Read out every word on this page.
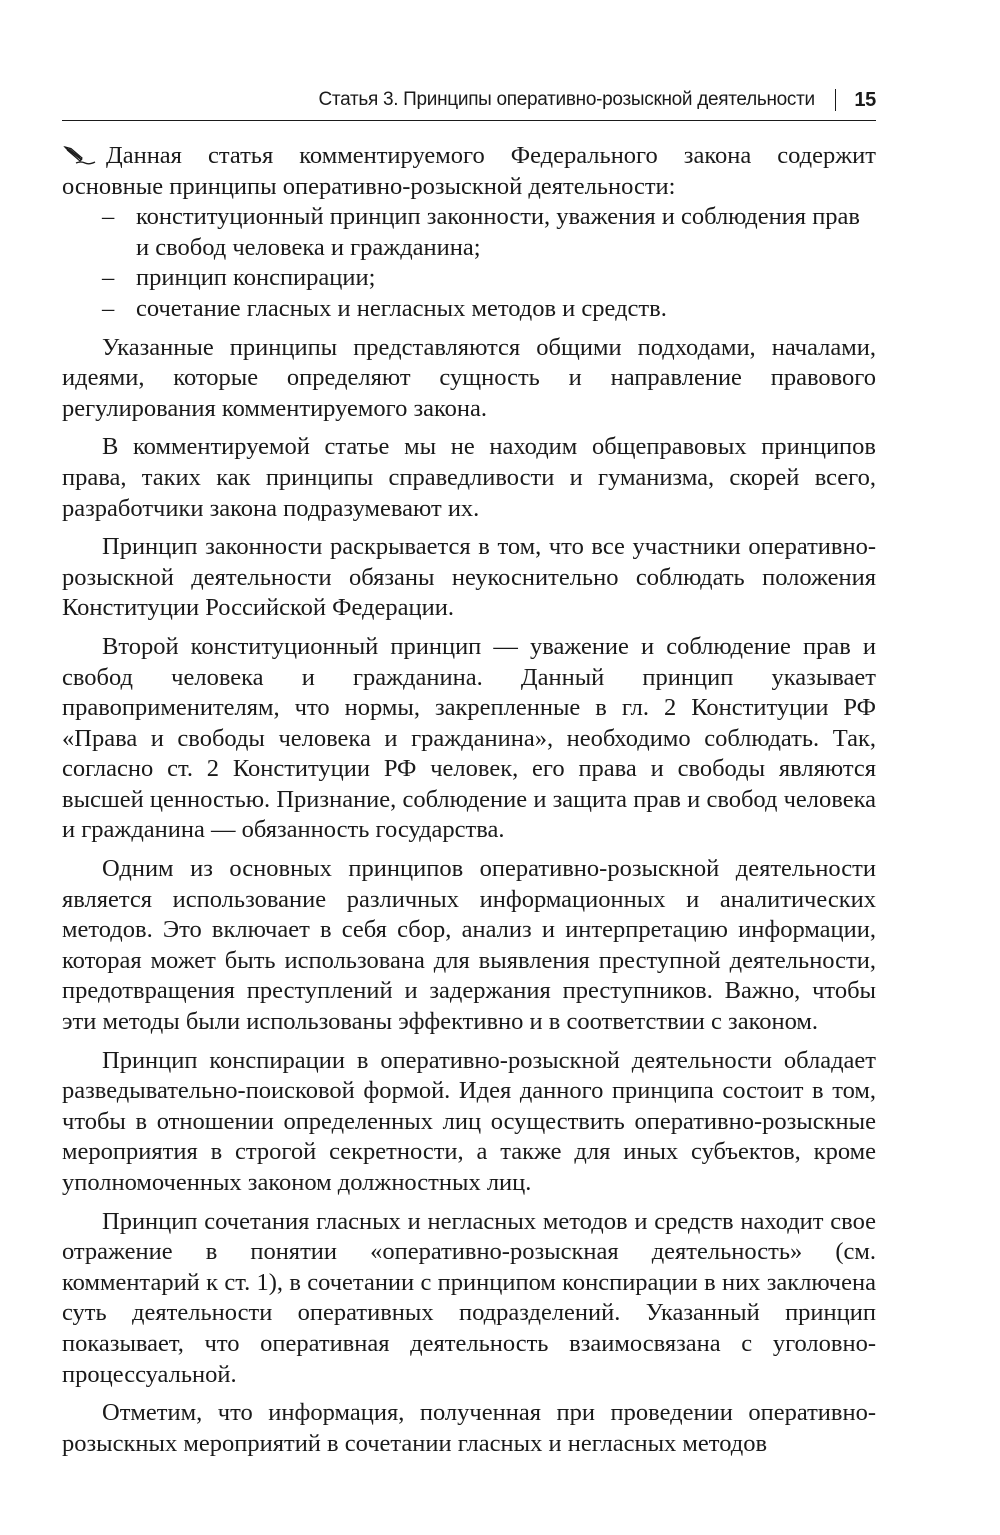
Статья 3. Принципы оперативно-розыскной деятельности 15

Данная статья комментируемого Федерального закона содержит основные принципы оперативно-розыскной деятельности:

– конституционный принцип законности, уважения и соблюдения прав и свобод человека и гражданина;
– принцип конспирации;
– сочетание гласных и негласных методов и средств.

Указанные принципы представляются общими подходами, началами, идеями, которые определяют сущность и направление правового регулирования комментируемого закона.

В комментируемой статье мы не находим общеправовых принципов права, таких как принципы справедливости и гуманизма, скорей всего, разработчики закона подразумевают их.

Принцип законности раскрывается в том, что все участники оперативно-розыскной деятельности обязаны неукоснительно соблюдать положения Конституции Российской Федерации.

Второй конституционный принцип — уважение и соблюдение прав и свобод человека и гражданина. Данный принцип указывает правоприменителям, что нормы, закрепленные в гл. 2 Конституции РФ «Права и свободы человека и гражданина», необходимо соблюдать. Так, согласно ст. 2 Конституции РФ человек, его права и свободы являются высшей ценностью. Признание, соблюдение и защита прав и свобод человека и гражданина — обязанность государства.

Одним из основных принципов оперативно-розыскной деятельности является использование различных информационных и аналитических методов. Это включает в себя сбор, анализ и интерпретацию информации, которая может быть использована для выявления преступной деятельности, предотвращения преступлений и задержания преступников. Важно, чтобы эти методы были использованы эффективно и в соответствии с законом.

Принцип конспирации в оперативно-розыскной деятельности обладает разведывательно-поисковой формой. Идея данного принципа состоит в том, чтобы в отношении определенных лиц осуществить оперативно-розыскные мероприятия в строгой секретности, а также для иных субъектов, кроме уполномоченных законом должностных лиц.

Принцип сочетания гласных и негласных методов и средств находит свое отражение в понятии «оперативно-розыскная деятельность» (см. комментарий к ст. 1), в сочетании с принципом конспирации в них заключена суть деятельности оперативных подразделений. Указанный принцип показывает, что оперативная деятельность взаимосвязана с уголовно-процессуальной.

Отметим, что информация, полученная при проведении оперативно-розыскных мероприятий в сочетании гласных и негласных методов
